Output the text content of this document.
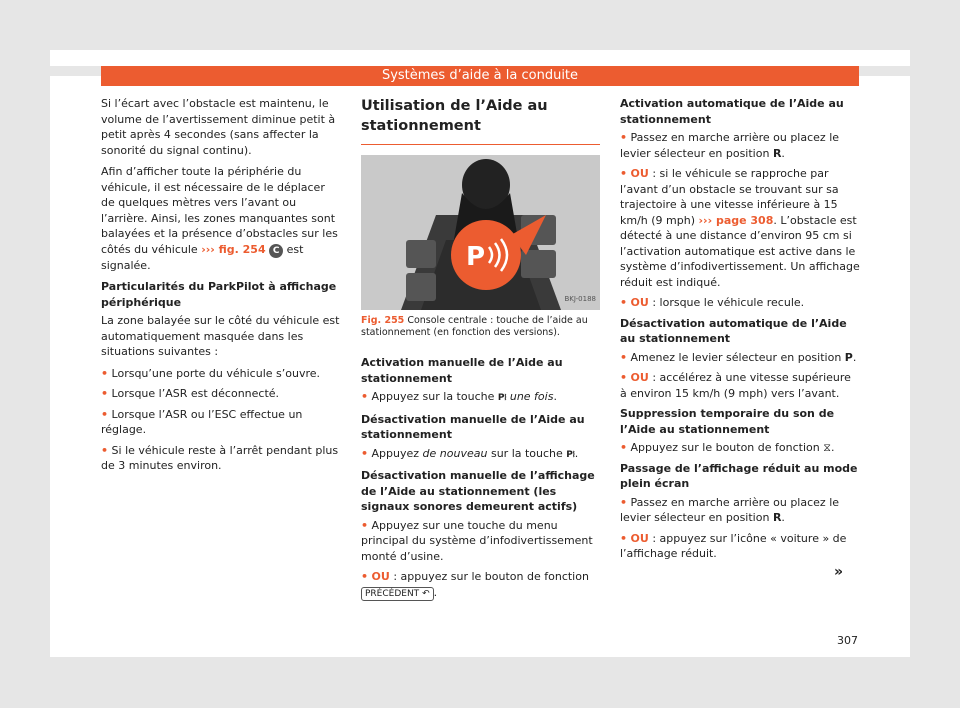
Systèmes d’aide à la conduite

Si l’écart avec l’obstacle est maintenu, le volume de l’avertissement diminue petit à petit après 4 secondes (sans affecter la sonorité du signal continu).

Afin d’afficher toute la périphérie du véhicule, il est nécessaire de le déplacer de quelques mètres vers l’avant ou l’arrière. Ainsi, les zones manquantes sont balayées et la présence d’obstacles sur les côtés du véhicule ››› fig. 254 C est signalée.

Particularités du ParkPilot à affichage périphérique

La zone balayée sur le côté du véhicule est automatiquement masquée dans les situations suivantes :

• Lorsqu’une porte du véhicule s’ouvre.

• Lorsque l’ASR est déconnecté.

• Lorsque l’ASR ou l’ESC effectue un réglage.

• Si le véhicule reste à l’arrêt pendant plus de 3 minutes environ.

Utilisation de l’Aide au stationnement
P
BKJ-0188
Fig. 255 Console centrale : touche de l’aide au stationnement (en fonction des versions).

Activation manuelle de l’Aide au stationnement

• Appuyez sur la touche P⧘ une fois.

Désactivation manuelle de l’Aide au stationnement

• Appuyez de nouveau sur la touche P⧘.

Désactivation manuelle de l’affichage de l’Aide au stationnement (les signaux sonores demeurent actifs)

• Appuyez sur une touche du menu principal du système d’infodivertissement monté d’usine.

• OU : appuyez sur le bouton de fonction PRÉCÉDENT ↶ .

Activation automatique de l’Aide au stationnement

• Passez en marche arrière ou placez le levier sélecteur en position R.

• OU : si le véhicule se rapproche par l’avant d’un obstacle se trouvant sur sa trajectoire à une vitesse inférieure à 15 km/h (9 mph) ››› page 308. L’obstacle est détecté à une distance d’environ 95 cm si l’activation automatique est active dans le système d’infodivertissement. Un affichage réduit est indiqué.

• OU : lorsque le véhicule recule.

Désactivation automatique de l’Aide au stationnement

• Amenez le levier sélecteur en position P.

• OU : accélérez à une vitesse supérieure à environ 15 km/h (9 mph) vers l’avant.

Suppression temporaire du son de l’Aide au stationnement

• Appuyez sur le bouton de fonction ⧖.

Passage de l’affichage réduit au mode plein écran

• Passez en marche arrière ou placez le levier sélecteur en position R.

• OU : appuyez sur l’icône « voiture » de l’affichage réduit.

»
307
